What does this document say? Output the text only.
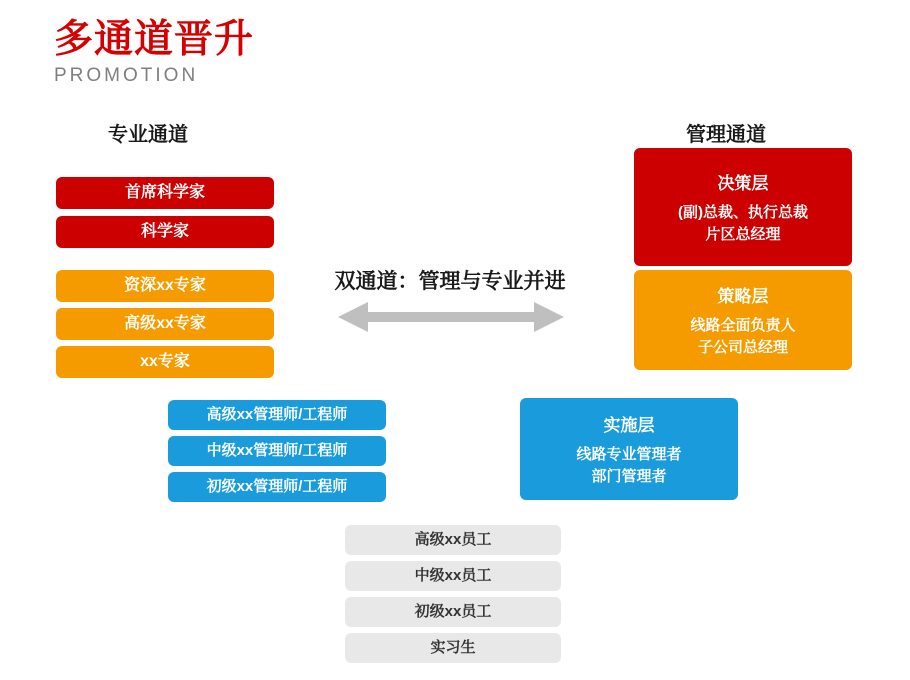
多通道晋升
PROMOTION
专业通道	管理通道
首席科学家
科学家
资深xx专家
高级xx专家
xx专家
高级xx管理师/工程师
中级xx管理师/工程师
初级xx管理师/工程师
双通道：管理与专业并进
决策层
(副)总裁、执行总裁
片区总经理
策略层
线路全面负责人
子公司总经理
实施层
线路专业管理者
部门管理者
高级xx员工
中级xx员工
初级xx员工
实习生
